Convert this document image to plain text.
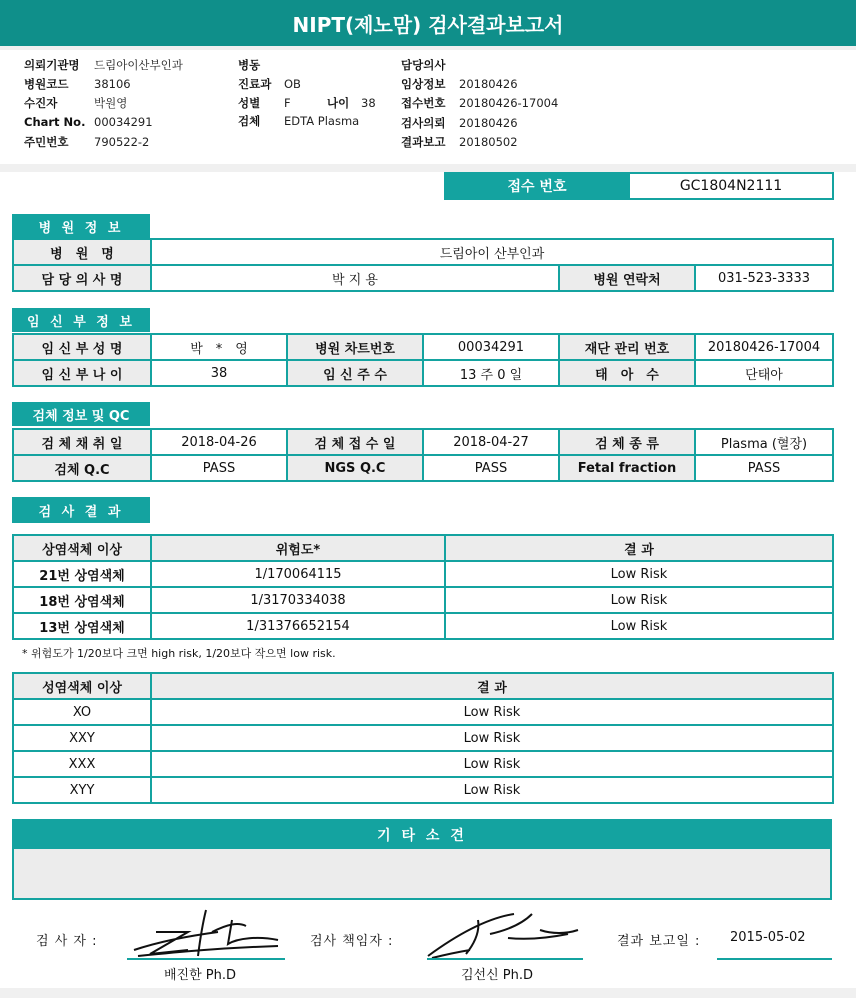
NIPT(제노맘) 검사결과보고서
의뢰기관명 드림아이산부인과
병원코드 38106
수진자	박원영
Chart No. 00034291
주민번호 790522-2
병동
진료과 OB
성별 F	나이 38
검체 EDTA Plasma
담당의사
임상정보 20180426
접수번호 20180426-17004
검사의뢰 20180426
결과보고 20180502
접수 번호	GC1804N2111
병 원 정 보
병　원　명	드림아이 산부인과		
담 당 의 사 명	박 지 용	병원 연락처	031-523-3333
임 신 부 정 보
임 신 부 성 명	박　*　영	병원 차트번호	00034291	재단 관리 번호	20180426-17004
임 신 부 나 이	38	임 신 주 수	13 주 0 일	태　아　수	단태아
검체 정보 및 QC
검 체 채 취 일	2018-04-26	검 체 접 수 일	2018-04-27	검 체 종 류	Plasma (혈장)
검체 Q.C	PASS	NGS Q.C	PASS	Fetal fraction	PASS
검 사 결 과
상염색체 이상	위험도*	결 과
21번 상염색체	1/170064115	Low Risk
18번 상염색체	1/3170334038	Low Risk
13번 상염색체	1/31376652154	Low Risk
* 위험도가 1/20보다 크면 high risk, 1/20보다 작으면 low risk.
성염색체 이상	결 과
XO	Low Risk
XXY	Low Risk
XXX	Low Risk
XYY	Low Risk
기 타 소 견
검 사 자 :
배진한 Ph.D
검사 책임자 :
김선신 Ph.D
결과 보고일 : 2015-05-02
